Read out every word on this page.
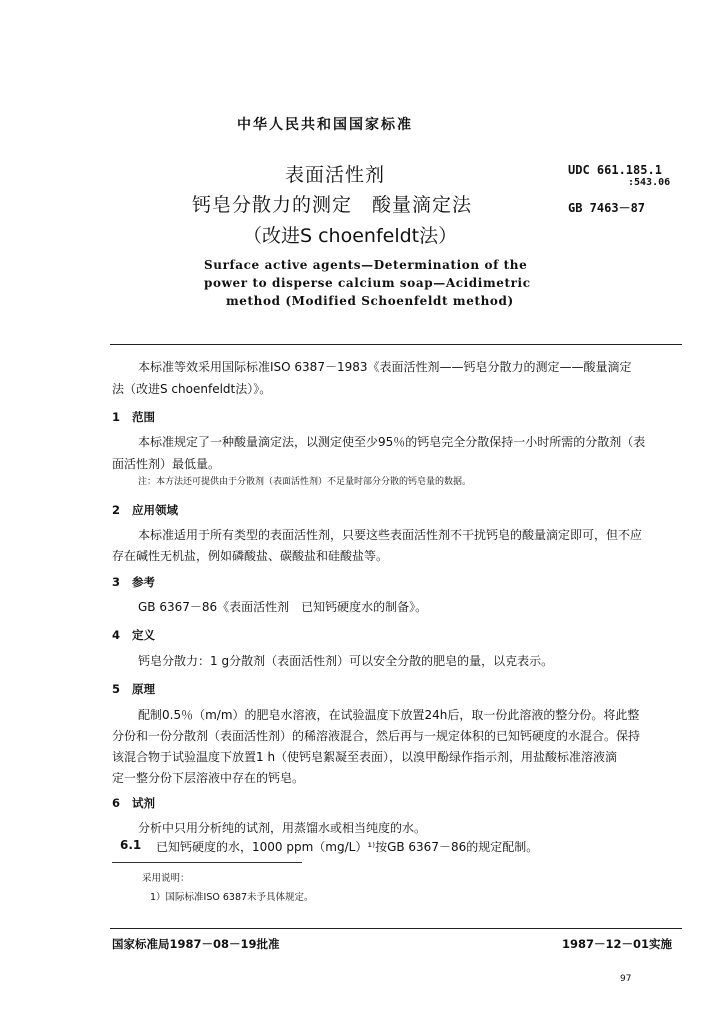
中华人民共和国国家标准
表面活性剂
钙皂分散力的测定　酸量滴定法
（改进S choenfeldt法）
UDC 661.185.1
:543.06
GB 7463－87
Surface active agents—Determination of the
power to disperse calcium soap—Acidimetric
method (Modified Schoenfeldt method)
本标准等效采用国际标准ISO 6387－1983《表面活性剂——钙皂分散力的测定——酸量滴定
法（改进S choenfeldt法）》。
1 范围
本标准规定了一种酸量滴定法，以测定使至少95％的钙皂完全分散保持一小时所需的分散剂（表
面活性剂）最低量。
注：本方法还可提供由于分散剂（表面活性剂）不足量时部分分散的钙皂量的数据。
2 应用领域
本标准适用于所有类型的表面活性剂，只要这些表面活性剂不干扰钙皂的酸量滴定即可，但不应
存在碱性无机盐，例如磷酸盐、碳酸盐和硅酸盐等。
3 参考
GB 6367－86《表面活性剂　已知钙硬度水的制备》。
4 定义
钙皂分散力：1 g分散剂（表面活性剂）可以安全分散的肥皂的量，以克表示。
5 原理
配制0.5％（m/m）的肥皂水溶液，在试验温度下放置24h后，取一份此溶液的整分份。将此整
分份和一份分散剂（表面活性剂）的稀溶液混合，然后再与一规定体积的已知钙硬度的水混合。保持
该混合物于试验温度下放置1 h（使钙皂絮凝至表面），以溴甲酚绿作指示剂，用盐酸标准溶液滴
定一整分份下层溶液中存在的钙皂。
6 试剂
分析中只用分析纯的试剂，用蒸馏水或相当纯度的水。
6.1 已知钙硬度的水，1000 ppm（mg/L）¹⁾按GB 6367－86的规定配制。
采用说明：
1）国际标准ISO 6387未予具体规定。
国家标准局1987－08－19批准	1987－12－01实施
97
